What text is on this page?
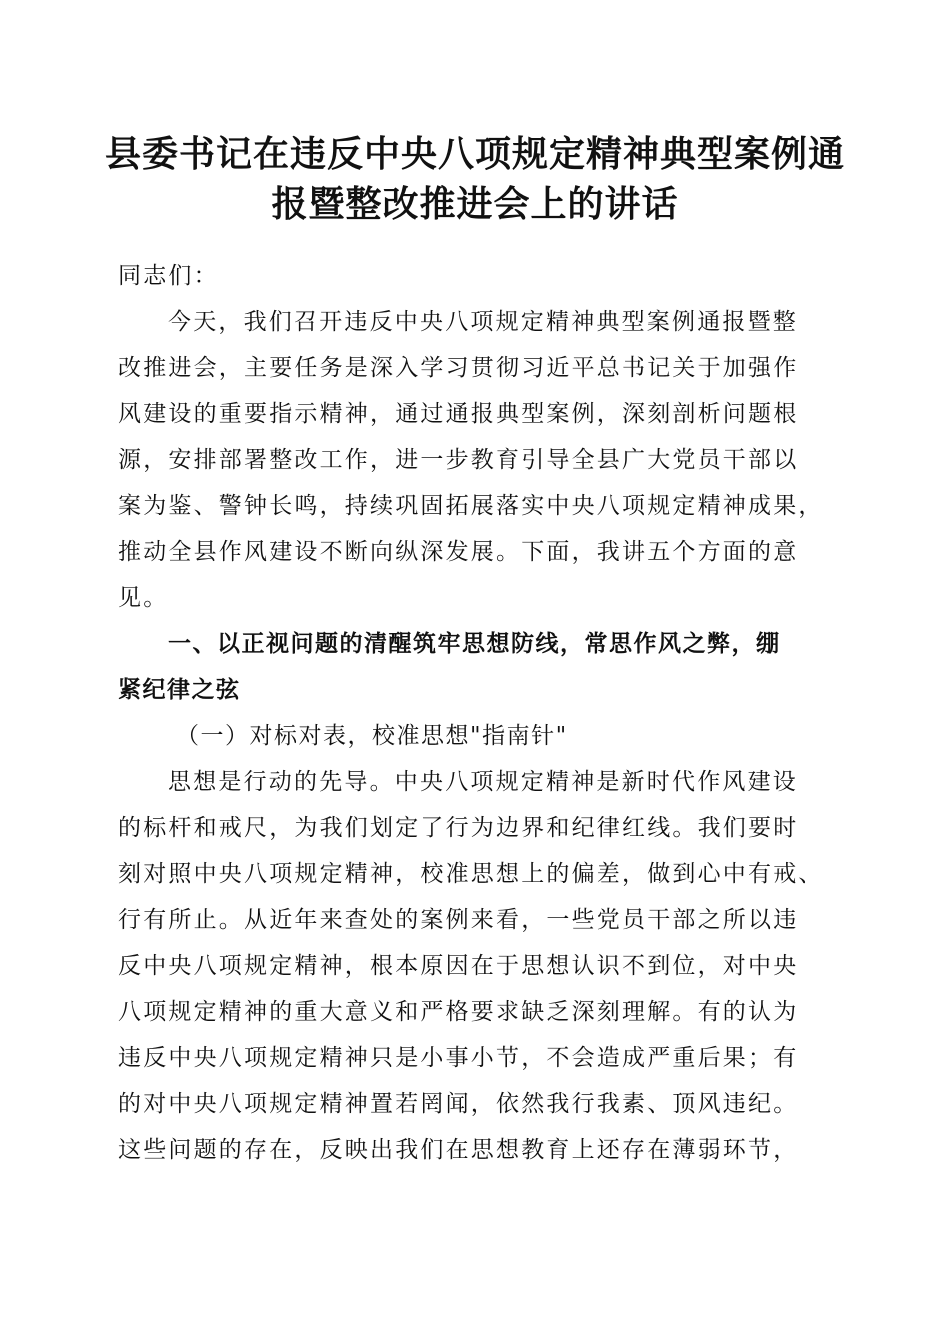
县委书记在违反中央八项规定精神典型案例通
报暨整改推进会上的讲话

同志们：

今天，我们召开违反中央八项规定精神典型案例通报暨整
改推进会，主要任务是深入学习贯彻习近平总书记关于加强作
风建设的重要指示精神，通过通报典型案例，深刻剖析问题根
源，安排部署整改工作，进一步教育引导全县广大党员干部以
案为鉴、警钟长鸣，持续巩固拓展落实中央八项规定精神成果，
推动全县作风建设不断向纵深发展。下面，我讲五个方面的意
见。

一、以正视问题的清醒筑牢思想防线，常思作风之弊，绷
紧纪律之弦

（一）对标对表，校准思想"指南针"

思想是行动的先导。中央八项规定精神是新时代作风建设
的标杆和戒尺，为我们划定了行为边界和纪律红线。我们要时
刻对照中央八项规定精神，校准思想上的偏差，做到心中有戒、
行有所止。从近年来查处的案例来看，一些党员干部之所以违
反中央八项规定精神，根本原因在于思想认识不到位，对中央
八项规定精神的重大意义和严格要求缺乏深刻理解。有的认为
违反中央八项规定精神只是小事小节，不会造成严重后果；有
的对中央八项规定精神置若罔闻，依然我行我素、顶风违纪。
这些问题的存在，反映出我们在思想教育上还存在薄弱环节，
